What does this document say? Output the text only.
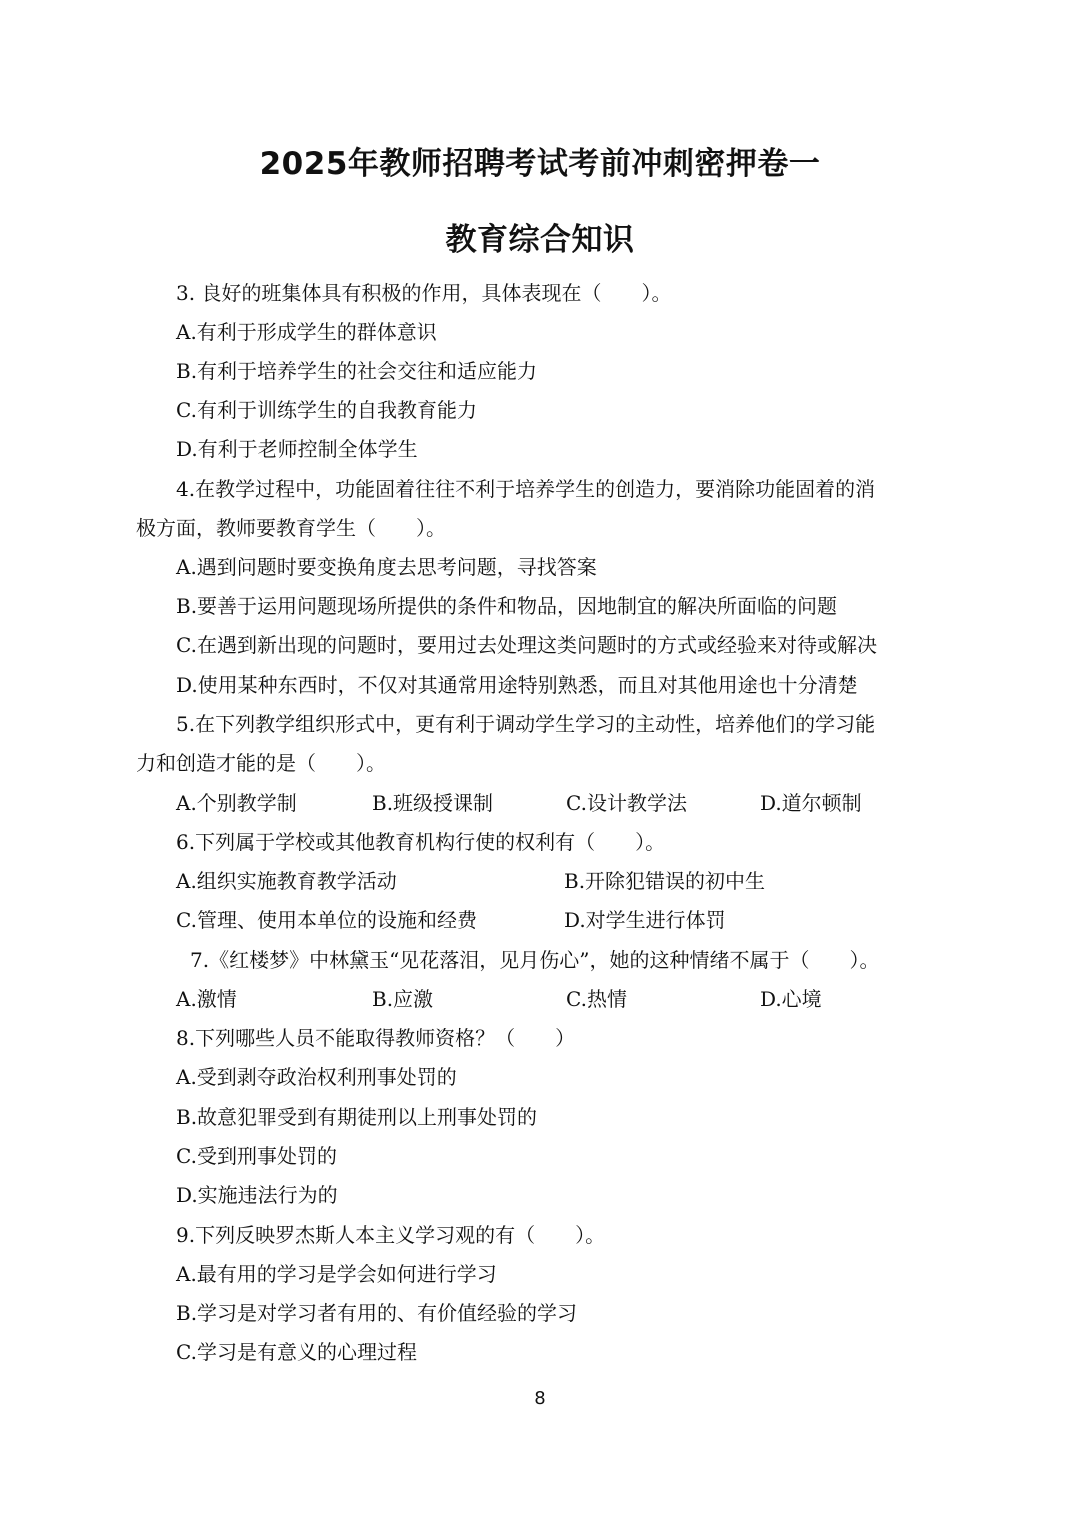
2025年教师招聘考试考前冲刺密押卷一
教育综合知识
3. 良好的班集体具有积极的作用，具体表现在（　　）。
A.有利于形成学生的群体意识
B.有利于培养学生的社会交往和适应能力
C.有利于训练学生的自我教育能力
D.有利于老师控制全体学生
4.在教学过程中，功能固着往往不利于培养学生的创造力，要消除功能固着的消
极方面，教师要教育学生（　　）。
A.遇到问题时要变换角度去思考问题，寻找答案
B.要善于运用问题现场所提供的条件和物品，因地制宜的解决所面临的问题
C.在遇到新出现的问题时，要用过去处理这类问题时的方式或经验来对待或解决
D.使用某种东西时，不仅对其通常用途特别熟悉，而且对其他用途也十分清楚
5.在下列教学组织形式中，更有利于调动学生学习的主动性，培养他们的学习能
力和创造才能的是（　　）。
A.个别教学制	B.班级授课制	C.设计教学法	D.道尔顿制
6.下列属于学校或其他教育机构行使的权利有（　　）。
A.组织实施教育教学活动	B.开除犯错误的初中生
C.管理、使用本单位的设施和经费	D.对学生进行体罚
7.《红楼梦》中林黛玉“见花落泪，见月伤心”，她的这种情绪不属于（　　）。
A.激情	B.应激	C.热情	D.心境
8.下列哪些人员不能取得教师资格？（　　）
A.受到剥夺政治权利刑事处罚的
B.故意犯罪受到有期徒刑以上刑事处罚的
C.受到刑事处罚的
D.实施违法行为的
9.下列反映罗杰斯人本主义学习观的有（　　）。
A.最有用的学习是学会如何进行学习
B.学习是对学习者有用的、有价值经验的学习
C.学习是有意义的心理过程
8
